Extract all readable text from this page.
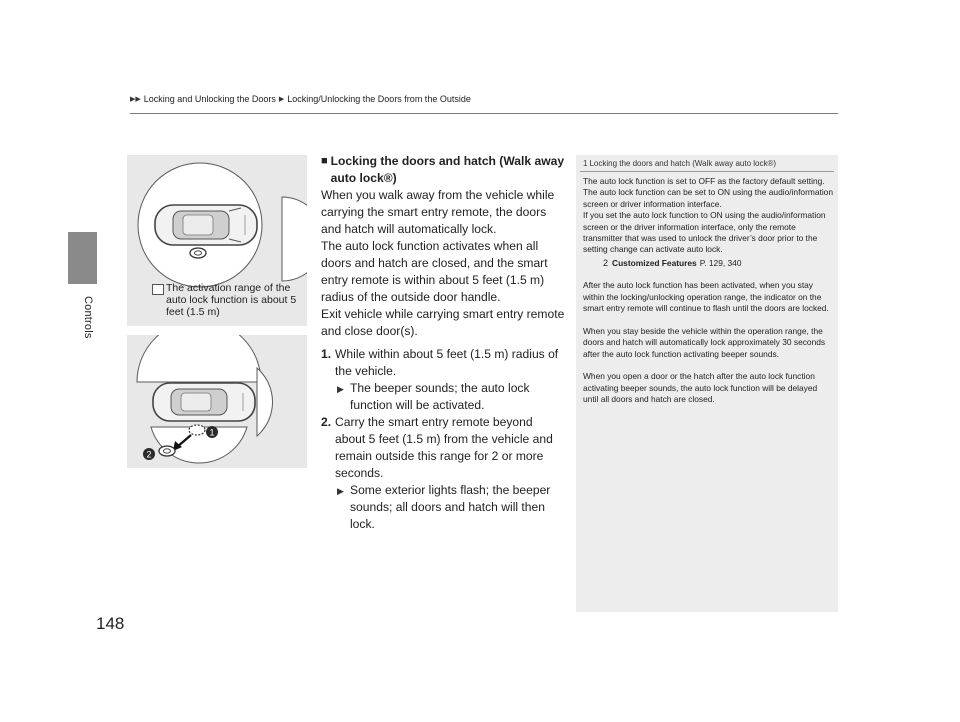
Controls
▶▶ Locking and Unlocking the Doors ▶ Locking/Unlocking the Doors from the Outside
The activation range of the auto lock function is about 5 feet (1.5 m)
1
2
■ Locking the doors and hatch (Walk away auto lock®)

When you walk away from the vehicle while carrying the smart entry remote, the doors and hatch will automatically lock.

The auto lock function activates when all doors and hatch are closed, and the smart entry remote is within about 5 feet (1.5 m) radius of the outside door handle.

Exit vehicle while carrying smart entry remote and close door(s).

1. While within about 5 feet (1.5 m) radius of the vehicle.
▶ The beeper sounds; the auto lock function will be activated.
2. Carry the smart entry remote beyond about 5 feet (1.5 m) from the vehicle and remain outside this range for 2 or more seconds.
▶ Some exterior lights flash; the beeper sounds; all doors and hatch will then lock.
1 Locking the doors and hatch (Walk away auto lock®)

The auto lock function is set to OFF as the factory default setting. The auto lock function can be set to ON using the audio/information screen or driver information interface.

If you set the auto lock function to ON using the audio/information screen or the driver information interface, only the remote transmitter that was used to unlock the driver’s door prior to the setting change can activate auto lock.

2 Customized Features P. 129, 340

After the auto lock function has been activated, when you stay within the locking/unlocking operation range, the indicator on the smart entry remote will continue to flash until the doors are locked.

When you stay beside the vehicle within the operation range, the doors and hatch will automatically lock approximately 30 seconds after the auto lock function activating beeper sounds.

When you open a door or the hatch after the auto lock function activating beeper sounds, the auto lock function will be delayed until all doors and hatch are closed.

148
